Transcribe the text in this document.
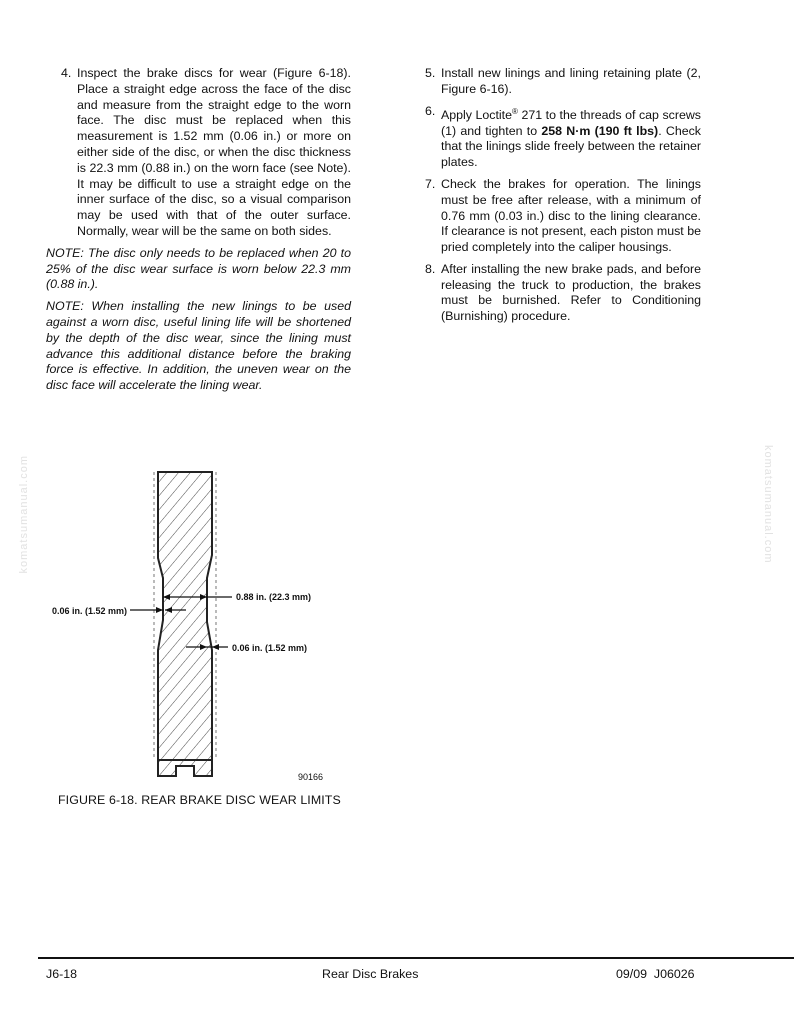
4. Inspect the brake discs for wear (Figure 6-18). Place a straight edge across the face of the disc and measure from the straight edge to the worn face. The disc must be replaced when this measurement is 1.52 mm (0.06 in.) or more on either side of the disc, or when the disc thickness is 22.3 mm (0.88 in.) on the worn face (see Note). It may be difficult to use a straight edge on the inner surface of the disc, so a visual comparison may be used with that of the outer surface. Normally, wear will be the same on both sides.

NOTE: The disc only needs to be replaced when 20 to 25% of the disc wear surface is worn below 22.3 mm (0.88 in.).

NOTE: When installing the new linings to be used against a worn disc, useful lining life will be shortened by the depth of the disc wear, since the lining must advance this additional distance before the braking force is effective. In addition, the uneven wear on the disc face will accelerate the lining wear.

5. Install new linings and lining retaining plate (2, Figure 6-16).

6. Apply Loctite® 271 to the threads of cap screws (1) and tighten to 258 N·m (190 ft lbs). Check that the linings slide freely between the retainer plates.

7. Check the brakes for operation. The linings must be free after release, with a minimum of 0.76 mm (0.03 in.) disc to the lining clearance. If clearance is not present, each piston must be pried completely into the caliper housings.

8. After installing the new brake pads, and before releasing the truck to production, the brakes must be burnished. Refer to Conditioning (Burnishing) procedure.

0.06 in. (1.52 mm)
0.88 in. (22.3 mm)
0.06 in. (1.52 mm)
90166
FIGURE 6-18. REAR BRAKE DISC WEAR LIMITS
komatsumanual.com	komatsumanual.com
J6-18	Rear Disc Brakes	09/09  J06026
